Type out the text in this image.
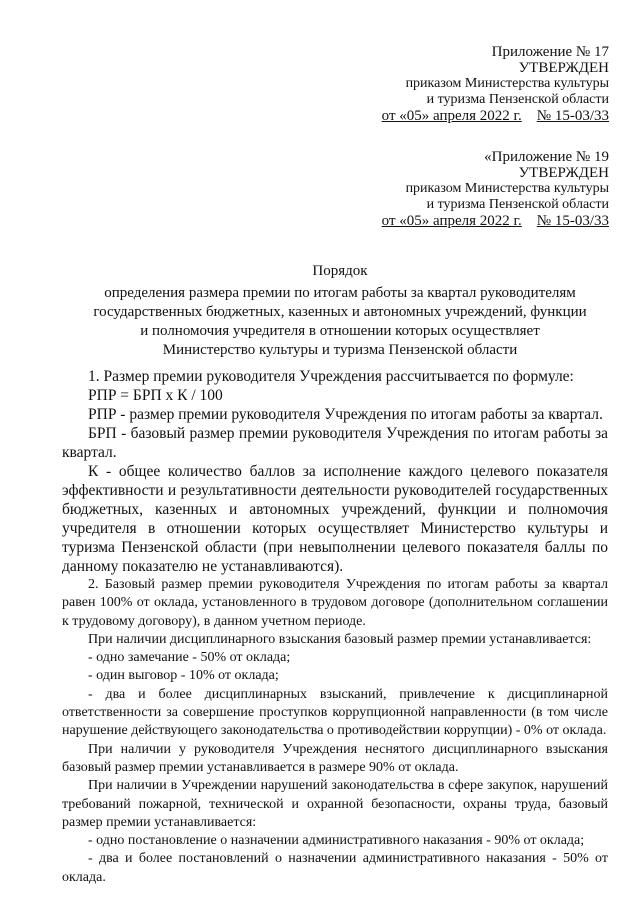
Приложение № 17
УТВЕРЖДЕН
приказом Министерства культуры
и туризма Пензенской области
от «05» апреля 2022 г. № 15-03/33
«Приложение № 19
УТВЕРЖДЕН
приказом Министерства культуры
и туризма Пензенской области
от «05» апреля 2022 г. № 15-03/33
Порядок
определения размера премии по итогам работы за квартал руководителям
государственных бюджетных, казенных и автономных учреждений, функции
и полномочия учредителя в отношении которых осуществляет
Министерство культуры и туризма Пензенской области

1. Размер премии руководителя Учреждения рассчитывается по формуле:

РПР = БРП х К / 100

РПР - размер премии руководителя Учреждения по итогам работы за квартал.

БРП - базовый размер премии руководителя Учреждения по итогам работы за квартал.

К - общее количество баллов за исполнение каждого целевого показателя эффективности и результативности деятельности руководителей государственных бюджетных, казенных и автономных учреждений, функции и полномочия учредителя в отношении которых осуществляет Министерство культуры и туризма Пензенской области (при невыполнении целевого показателя баллы по данному показателю не устанавливаются).

2. Базовый размер премии руководителя Учреждения по итогам работы за квартал равен 100% от оклада, установленного в трудовом договоре (дополнительном соглашении к трудовому договору), в данном учетном периоде.

При наличии дисциплинарного взыскания базовый размер премии устанавливается:

- одно замечание - 50% от оклада;

- один выговор - 10% от оклада;

- два и более дисциплинарных взысканий, привлечение к дисциплинарной ответственности за совершение проступков коррупционной направленности (в том числе нарушение действующего законодательства о противодействии коррупции) - 0% от оклада.

При наличии у руководителя Учреждения неснятого дисциплинарного взыскания базовый размер премии устанавливается в размере 90% от оклада.

При наличии в Учреждении нарушений законодательства в сфере закупок, нарушений требований пожарной, технической и охранной безопасности, охраны труда, базовый размер премии устанавливается:

- одно постановление о назначении административного наказания - 90% от оклада;

- два и более постановлений о назначении административного наказания - 50% от оклада.
